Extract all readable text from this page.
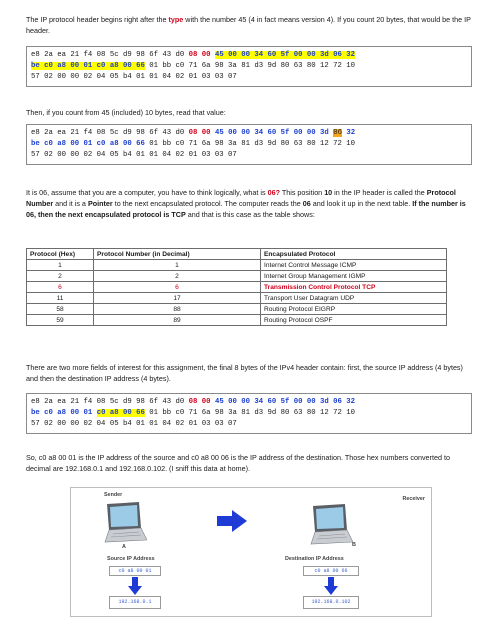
The IP protocol header begins right after the type with the number 45 (4 in fact means version 4). If you count 20 bytes, that would be the IP header.

e8 2a ea 21 f4 08 5c d9 98 6f 43 d0 08 00 45 00 00 34 60 5f 00 00 3d 06 32
be c0 a8 00 01 c0 a8 00 66 01 bb c0 71 6a 98 3a 81 d3 9d 80 63 80 12 72 10
57 02 00 00 02 04 05 b4 01 01 04 02 01 03 03 07

Then, if you count from 45 (included) 10 bytes, read that value:

e8 2a ea 21 f4 08 5c d9 98 6f 43 d0 08 00 45 00 00 34 60 5f 00 00 3d 06 32
be c0 a8 00 01 c0 a8 00 66 01 bb c0 71 6a 98 3a 81 d3 9d 80 63 80 12 72 10
57 02 00 00 02 04 05 b4 01 01 04 02 01 03 03 07

It is 06, assume that you are a computer, you have to think logically, what is 06? This position 10 in the IP header is called the Protocol Number and it is a Pointer to the next encapsulated protocol. The computer reads the 06 and look it up in the next table. If the number is 06, then the next encapsulated protocol is TCP and that is this case as the table shows:

Protocol (Hex)	Protocol Number (in Decimal)	Encapsulated Protocol
1	1	Internet Control Message ICMP
2	2	Internet Group Management IGMP
6	6	Transmission Control Protocol TCP
11	17	Transport User Datagram UDP
58	88	Routing Protocol EIGRP
59	89	Routing Protocol OSPF

There are two more fields of interest for this assignment, the final 8 bytes of the IPv4 header contain: first, the source IP address (4 bytes) and then the destination IP address (4 bytes).

e8 2a ea 21 f4 08 5c d9 98 6f 43 d0 08 00 45 00 00 34 60 5f 00 00 3d 06 32
be c0 a8 00 01 c0 a8 00 66 01 bb c0 71 6a 98 3a 81 d3 9d 80 63 80 12 72 10
57 02 00 00 02 04 05 b4 01 01 04 02 01 03 03 07

So, c0 a8 00 01 is the IP address of the source and c0 a8 00 06 is the IP address of the destination. Those hex numbers converted to decimal are 192.168.0.1 and 192.168.0.102. (I sniff this data at home).

Sender
Receiver
A
Source IP Address
c0 a8 00 01
192.168.0.1
B
Destination IP Address
c0 a8 00 66
192.168.0.102
